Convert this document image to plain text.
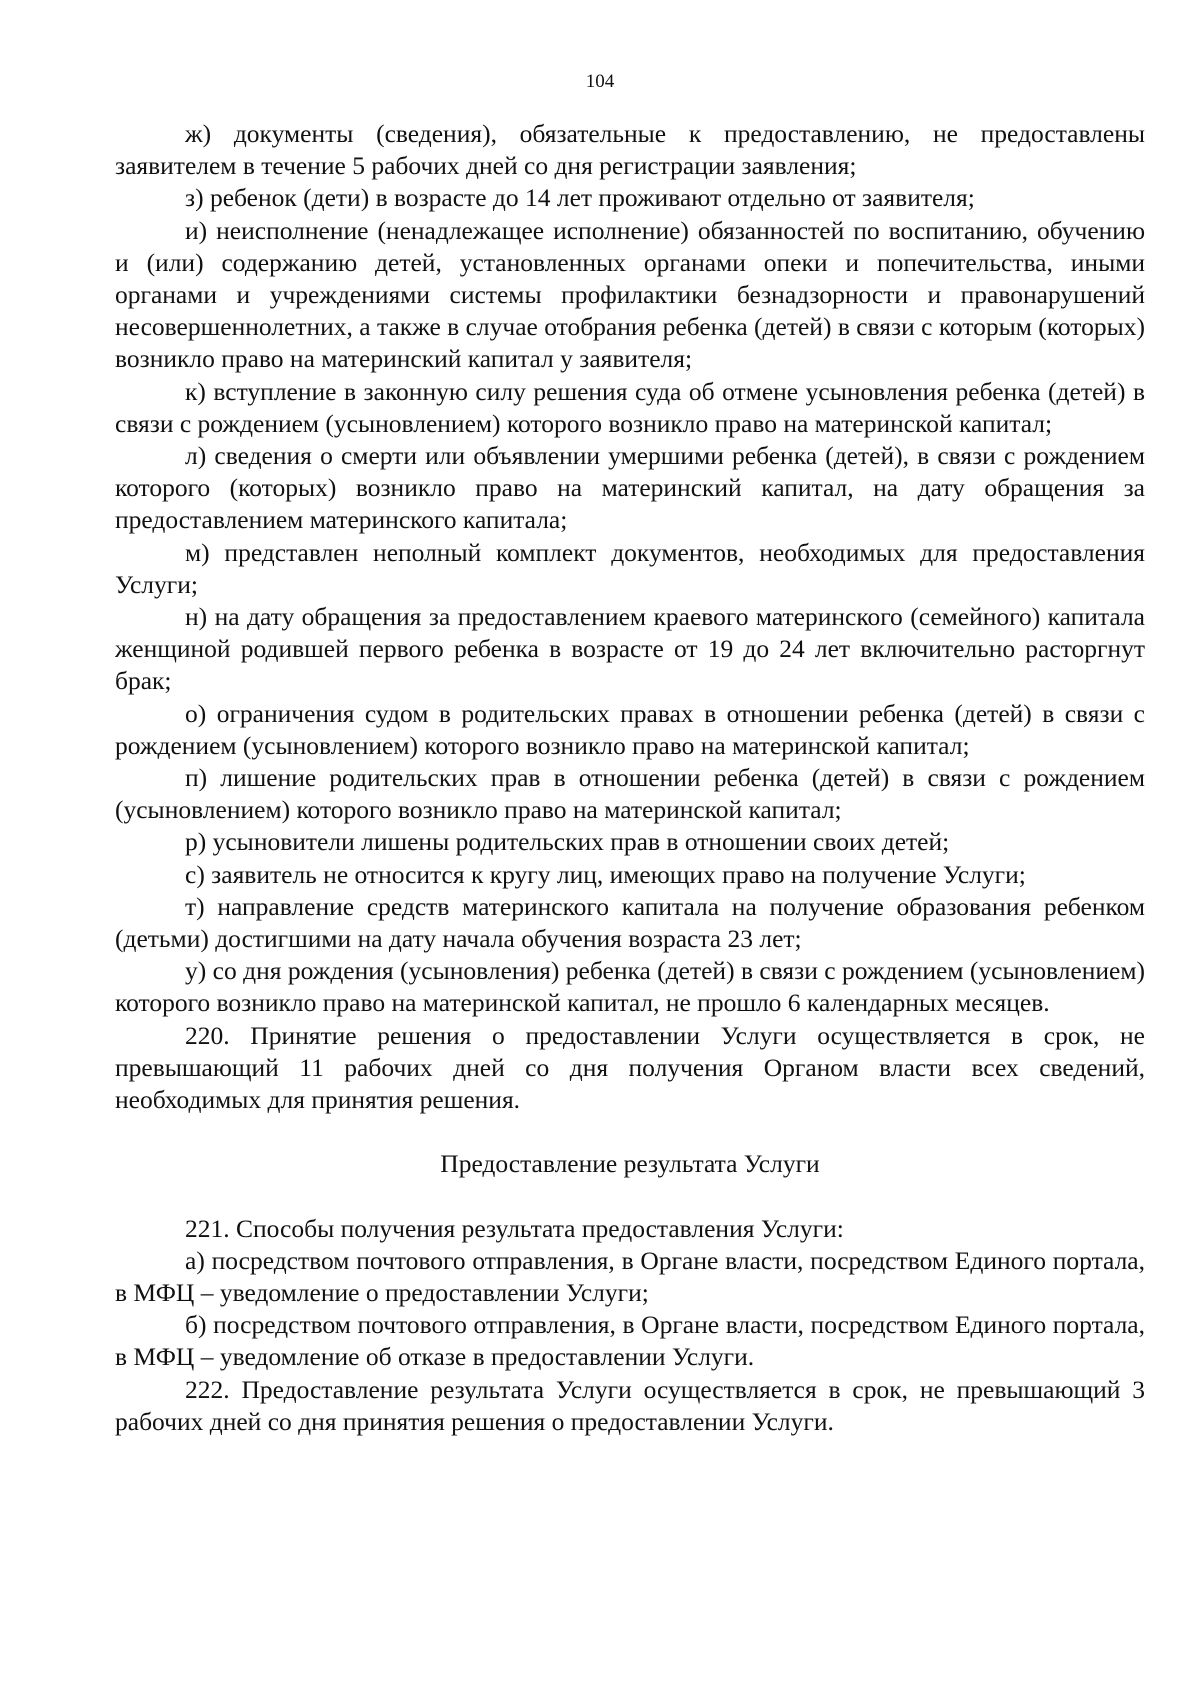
104

ж) документы (сведения), обязательные к предоставлению, не предоставлены заявителем в течение 5 рабочих дней со дня регистрации заявления;

з) ребенок (дети) в возрасте до 14 лет проживают отдельно от заявителя;

и) неисполнение (ненадлежащее исполнение) обязанностей по воспитанию, обучению и (или) содержанию детей, установленных органами опеки и попечительства, иными органами и учреждениями системы профилактики безнадзорности и правонарушений несовершеннолетних, а также в случае отобрания ребенка (детей) в связи с которым (которых) возникло право на материнский капитал у заявителя;

к) вступление в законную силу решения суда об отмене усыновления ребенка (детей) в связи с рождением (усыновлением) которого возникло право на материнской капитал;

л) сведения о смерти или объявлении умершими ребенка (детей), в связи с рождением которого (которых) возникло право на материнский капитал, на дату обращения за предоставлением материнского капитала;

м) представлен неполный комплект документов, необходимых для предоставления Услуги;

н) на дату обращения за предоставлением краевого материнского (семейного) капитала женщиной родившей первого ребенка в возрасте от 19 до 24 лет включительно расторгнут брак;

о) ограничения судом в родительских правах в отношении ребенка (детей) в связи с рождением (усыновлением) которого возникло право на материнской капитал;

п) лишение родительских прав в отношении ребенка (детей) в связи с рождением (усыновлением) которого возникло право на материнской капитал;

р) усыновители лишены родительских прав в отношении своих детей;

с) заявитель не относится к кругу лиц, имеющих право на получение Услуги;

т) направление средств материнского капитала на получение образования ребенком (детьми) достигшими на дату начала обучения возраста 23 лет;

у) со дня рождения (усыновления) ребенка (детей) в связи с рождением (усыновлением) которого возникло право на материнской капитал, не прошло 6 календарных месяцев.

220. Принятие решения о предоставлении Услуги осуществляется в срок, не превышающий 11 рабочих дней со дня получения Органом власти всех сведений, необходимых для принятия решения.

Предоставление результата Услуги

221. Способы получения результата предоставления Услуги:

а) посредством почтового отправления, в Органе власти, посредством Единого портала, в МФЦ – уведомление о предоставлении Услуги;

б) посредством почтового отправления, в Органе власти, посредством Единого портала, в МФЦ – уведомление об отказе в предоставлении Услуги.

222. Предоставление результата Услуги осуществляется в срок, не превышающий 3 рабочих дней со дня принятия решения о предоставлении Услуги.
